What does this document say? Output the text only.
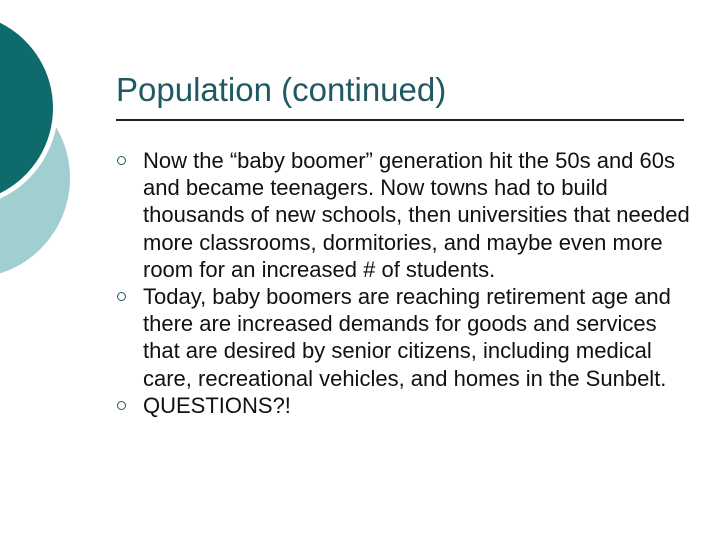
Population (continued)
Now the “baby boomer” generation hit the 50s and 60s and became teenagers. Now towns had to build thousands of new schools, then universities that needed more classrooms, dormitories, and maybe even more room for an increased # of students.
Today, baby boomers are reaching retirement age and there are increased demands for goods and services that are desired by senior citizens, including medical care, recreational vehicles, and homes in the Sunbelt.
QUESTIONS?!
